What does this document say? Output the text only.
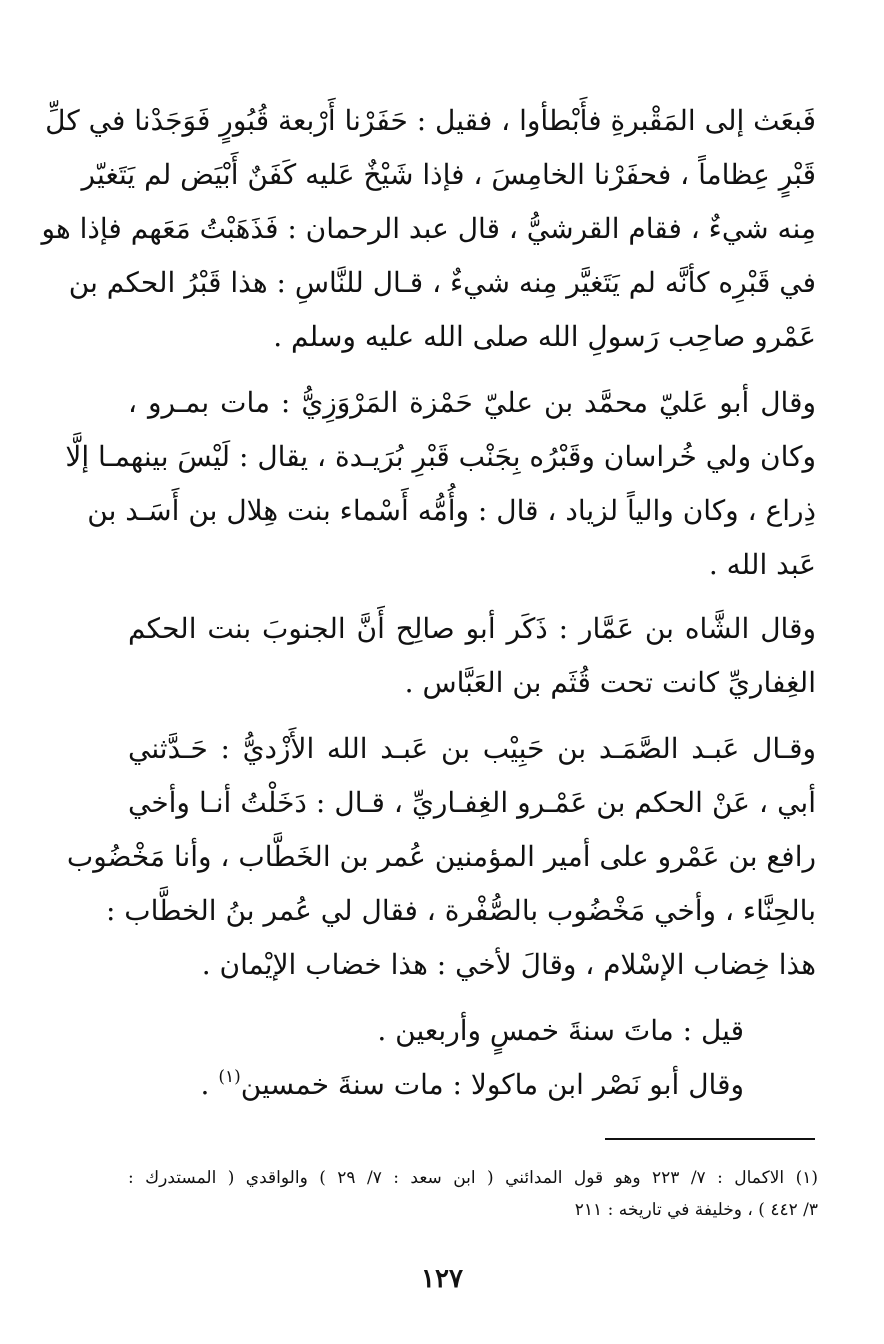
فَبعَث إلى المَقْبرةِ فأَبْطأوا ، فقيل : حَفَرْنا أَرْبعة قُبُورٍ فَوَجَدْنا في كلِّ
قَبْرٍ عِظاماً ، فحفَرْنا الخامِسَ ، فإذا شَيْخٌ عَليه كَفَنٌ أَبْيَض لم يَتَغيّر
مِنه شيءٌ ، فقام القرشيُّ ، قال عبد الرحمان : فَذَهَبْتُ مَعَهم فإذا هو
في قَبْرِه كأنَّه لم يَتَغيَّر مِنه شيءٌ ، قـال للنَّاسِ : هذا قَبْرُ الحكم بن
عَمْرو صاحِب رَسولِ الله صلى الله عليه وسلم .

وقال أبو عَليّ محمَّد بن عليّ حَمْزة المَرْوَزِيُّ : مات بمـرو ،
وكان ولي خُراسان وقَبْرُه بِجَنْب قَبْرِ بُرَيـدة ، يقال : لَيْسَ بينهمـا إلَّا
ذِراع ، وكان والياً لزياد ، قال : وأُمُّه أَسْماء بنت هِلال بن أَسَـد بن
عَبد الله .

وقال الشَّاه بن عَمَّار : ذَكَر أبو صالِح أَنَّ الجنوبَ بنت الحكم
الغِفاريِّ كانت تحت قُثَم بن العَبَّاس .

وقـال عَبـد الصَّمَـد بن حَبِيْب بن عَبـد الله الأَزْديُّ : حَـدَّثني
أبي ، عَنْ الحكم بن عَمْـرو الغِفـاريِّ ، قـال : دَخَلْتُ أنـا وأخي
رافع بن عَمْرو على أمير المؤمنين عُمر بن الخَطَّاب ، وأنا مَخْضُوب
بالحِنَّاء ، وأخي مَخْضُوب بالصُّفْرة ، فقال لي عُمر بنُ الخطَّاب :
هذا خِضاب الإسْلام ، وقالَ لأخي : هذا خضاب الإيْمان .

قيل : ماتَ سنةَ خمسٍ وأربعين .

وقال أبو نَصْر ابن ماكولا : مات سنةَ خمسين$^{(١)}$ .

(١) الاكمال : ٧/ ٢٢٣ وهو قول المدائني ( ابن سعد : ٧/ ٢٩ ) والواقدي ( المستدرك :
٣/ ٤٤٢ ) ، وخليفة في تاريخه : ٢١١

١٢٧
